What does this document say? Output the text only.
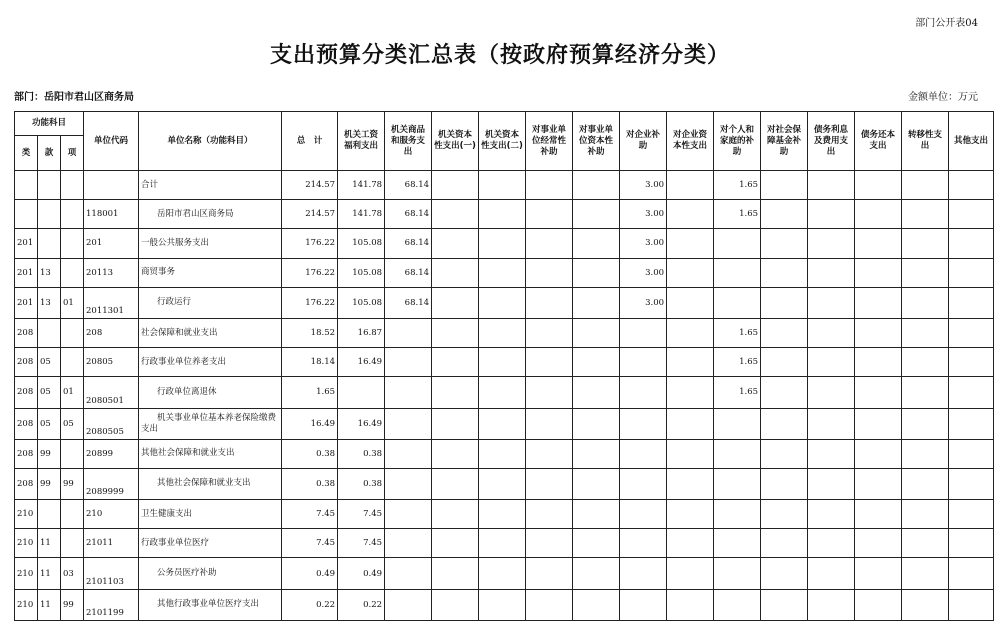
部门公开表04
支出预算分类汇总表（按政府预算经济分类）
部门：岳阳市君山区商务局	金额单位：万元
功能科目			单位代码	单位名称（功能科目）	总　计	机关工资福利支出	机关商品和服务支出	机关资本性支出(一)	机关资本性支出(二)	对事业单位经常性补助	对事业单位资本性补助	对企业补助	对企业资本性支出	对个人和家庭的补助	对社会保障基金补助	债务利息及费用支出	债务还本支出	转移性支出	其他支出
类	款	项																	
				合计	214.57	141.78	68.14					3.00		1.65					
			118001	岳阳市君山区商务局	214.57	141.78	68.14					3.00		1.65					
201			201	一般公共服务支出	176.22	105.08	68.14					3.00							
201	13		20113	商贸事务	176.22	105.08	68.14					3.00							
201	13	01	2011301	行政运行	176.22	105.08	68.14					3.00							
208			208	社会保障和就业支出	18.52	16.87								1.65					
208	05		20805	行政事业单位养老支出	18.14	16.49								1.65					
208	05	01	2080501	行政单位离退休	1.65									1.65					
208	05	05	2080505	机关事业单位基本养老保险缴费支出	16.49	16.49													
208	99		20899	其他社会保障和就业支出	0.38	0.38													
208	99	99	2089999	其他社会保障和就业支出	0.38	0.38													
210			210	卫生健康支出	7.45	7.45													
210	11		21011	行政事业单位医疗	7.45	7.45													
210	11	03	2101103	公务员医疗补助	0.49	0.49													
210	11	99	2101199	其他行政事业单位医疗支出	0.22	0.22													
